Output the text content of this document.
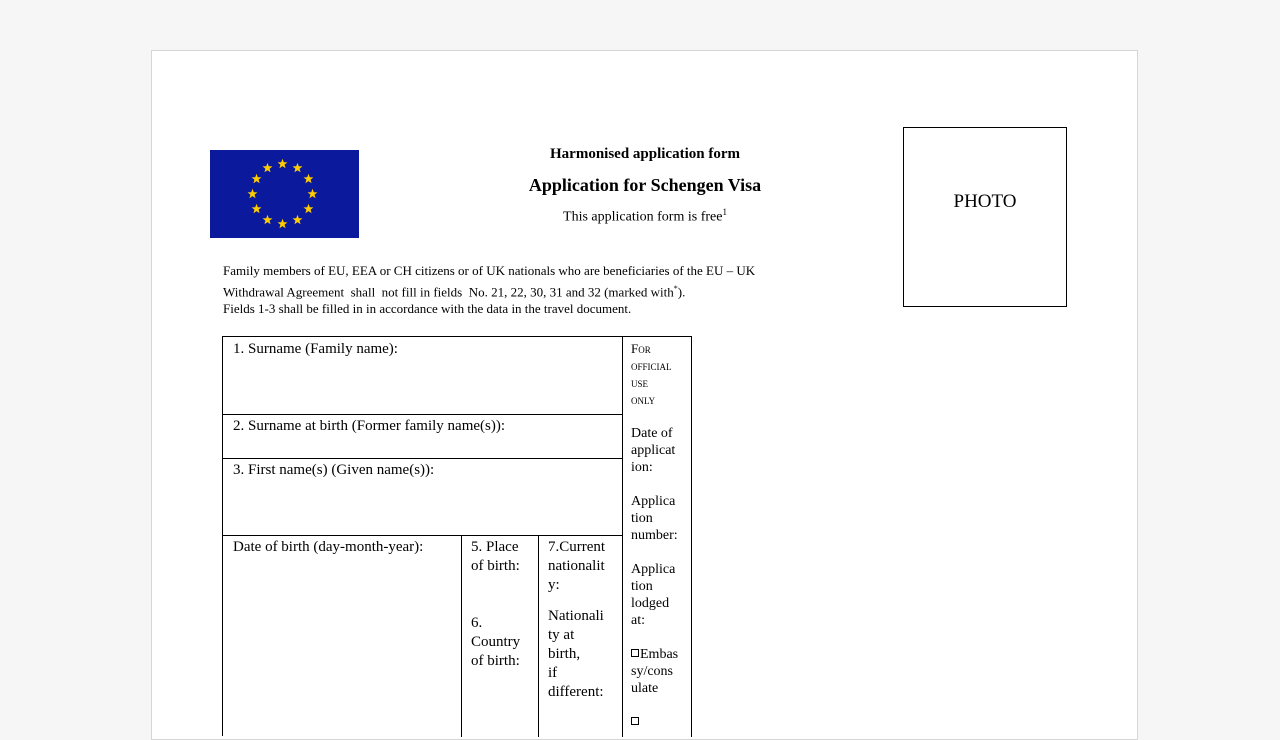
Harmonised application form
Application for Schengen Visa
This application form is free$^1$	PHOTO

Family members of EU, EEA or CH citizens or of UK nationals who are beneficiaries of the EU – UK

Withdrawal Agreement  shall  not fill in fields  No. 21, 22, 30, 31 and 32 (marked with*).

Fields 1-3 shall be filled in in accordance with the data in the travel document.

1. Surname (Family name):
2. Surname at birth (Former family name(s)):
3. First name(s) (Given name(s)):
Date of birth (day-month-year):	5. Place
of birth:
6.
Country
of birth:
7.Current
nationalit
y:
Nationali
ty at
birth,
if
different:
For
official
use
only
Date of
applicat
ion:
Applica
tion
number:
Applica
tion
lodged
at:
Embas
sy/cons
ulate
